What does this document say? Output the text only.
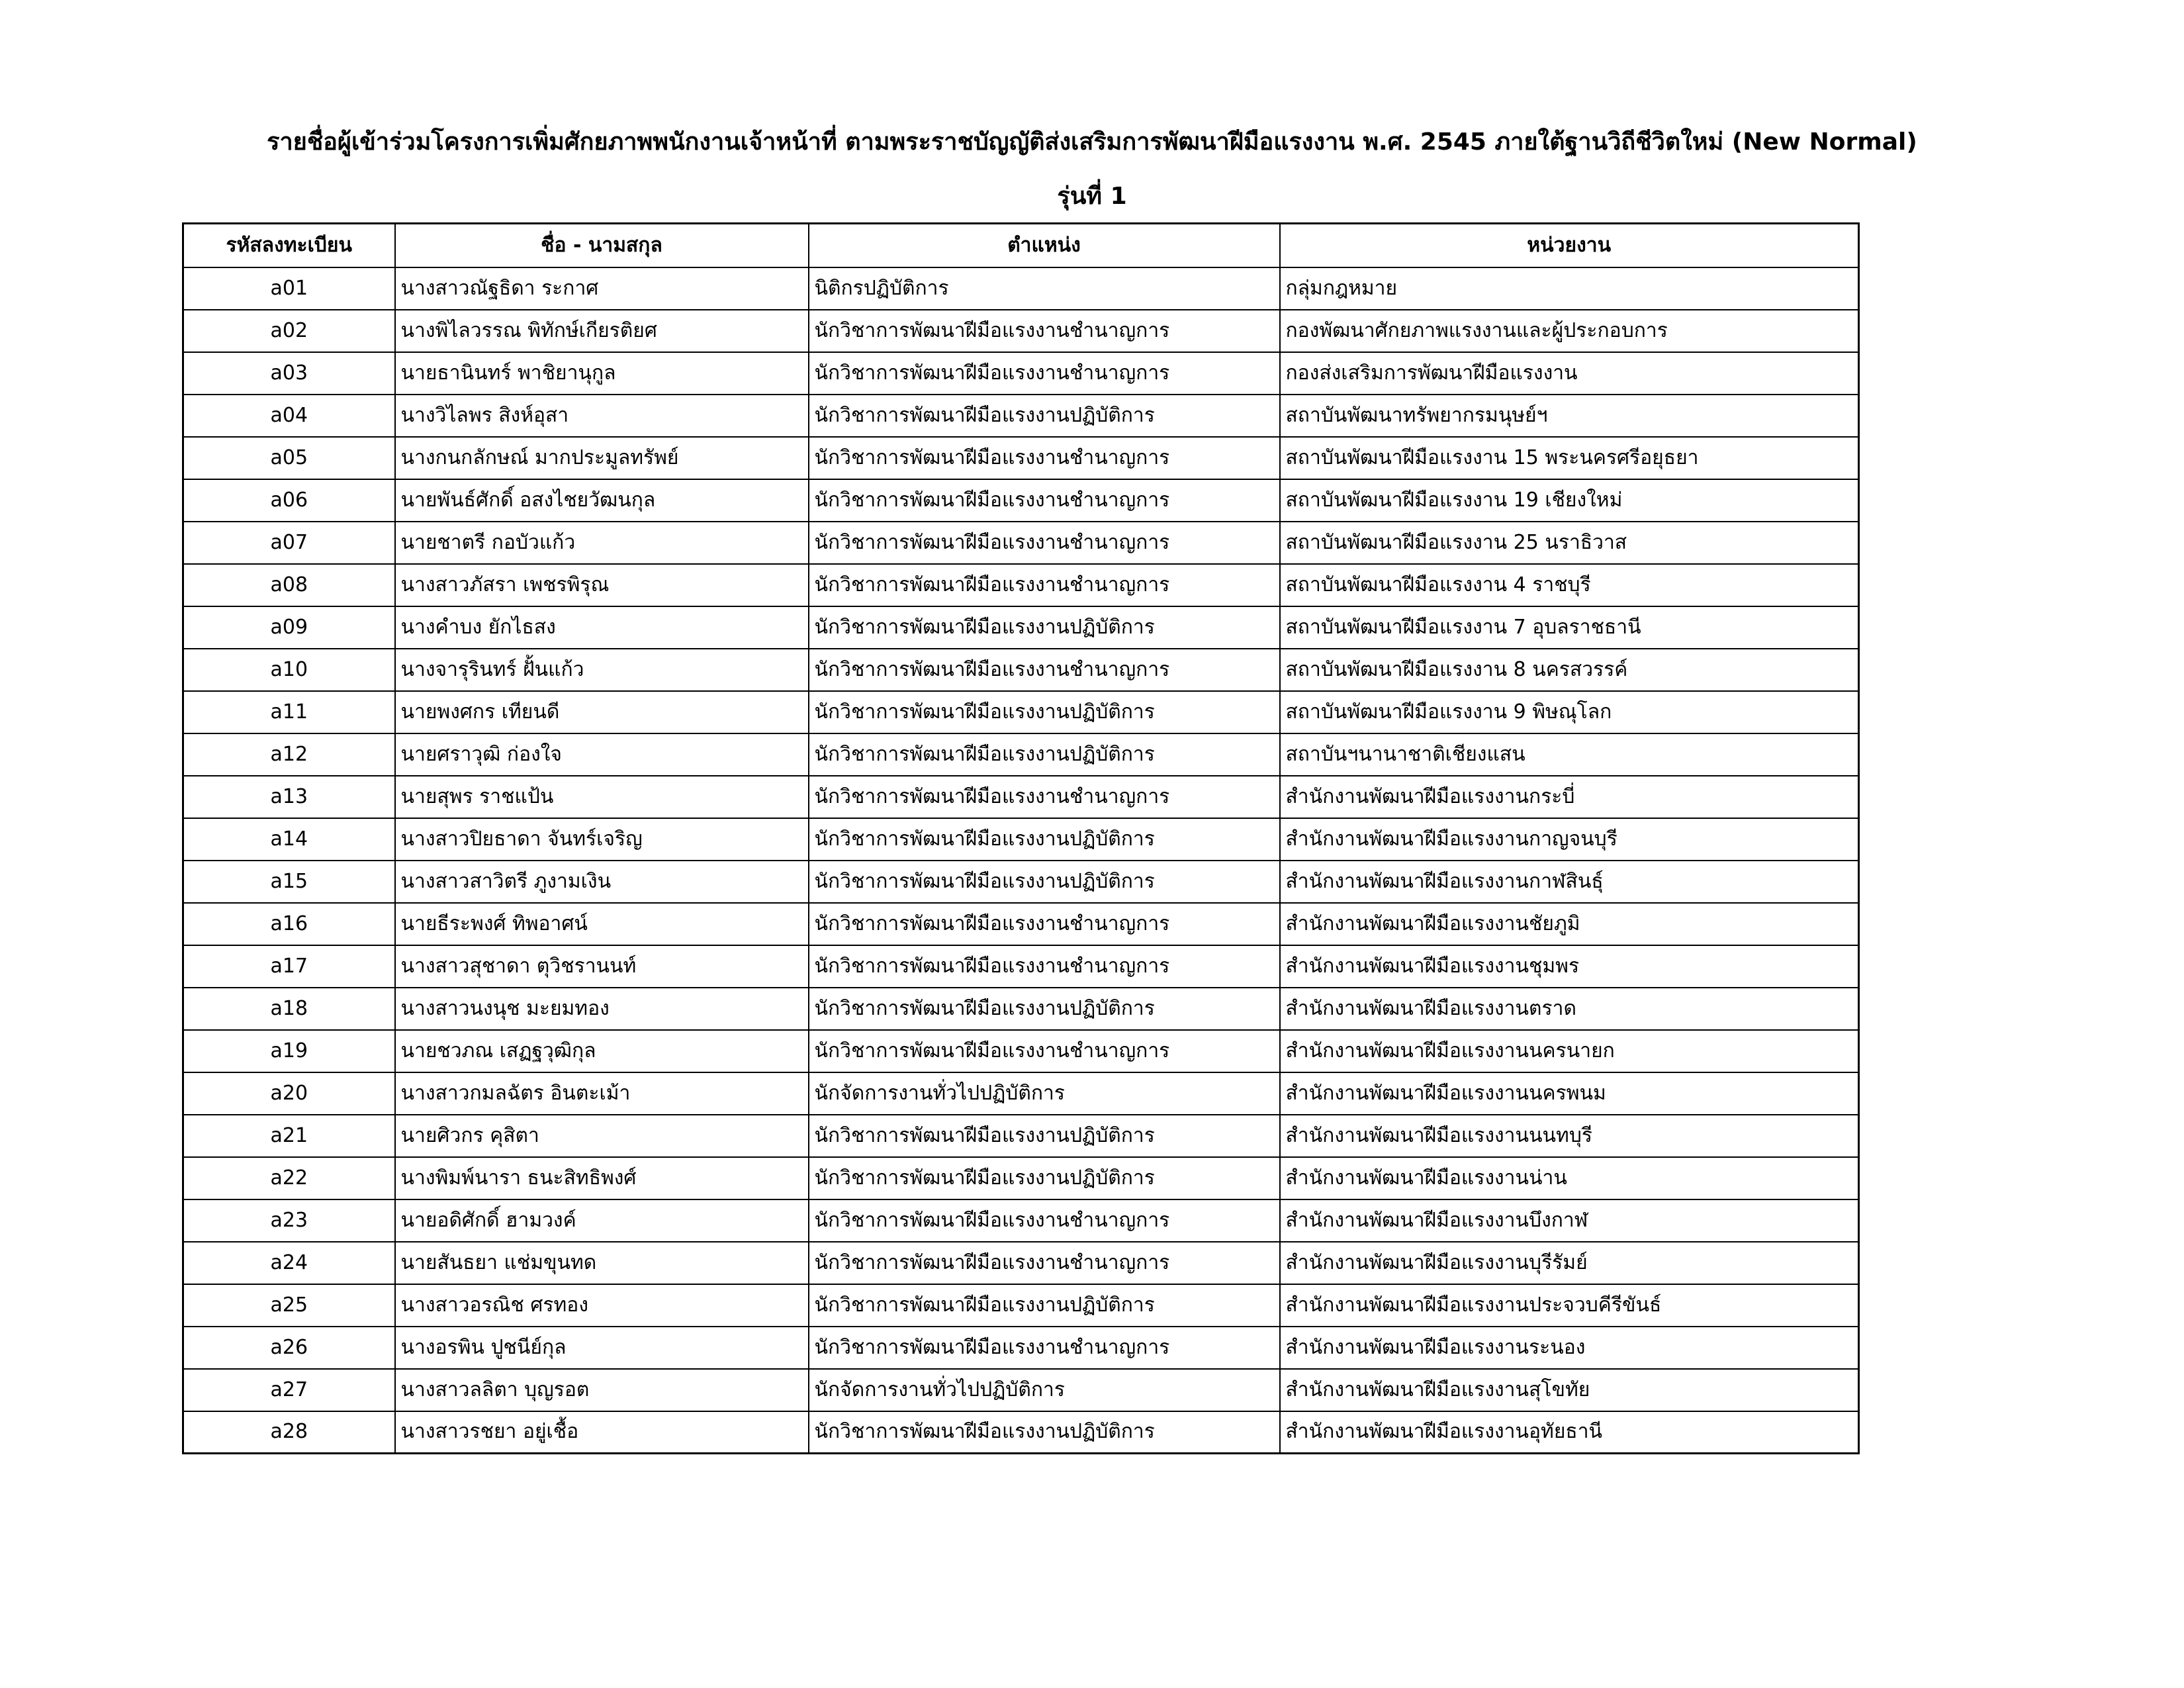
รายชื่อผู้เข้าร่วมโครงการเพิ่มศักยภาพพนักงานเจ้าหน้าที่ ตามพระราชบัญญัติส่งเสริมการพัฒนาฝีมือแรงงาน พ.ศ. 2545 ภายใต้ฐานวิถีชีวิตใหม่ (New Normal)
รุ่นที่ 1
รหัสลงทะเบียน	ชื่อ - นามสกุล	ตำแหน่ง	หน่วยงาน
a01	นางสาวณัฐธิดา ระกาศ	นิติกรปฏิบัติการ	กลุ่มกฎหมาย
a02	นางพิไลวรรณ พิทักษ์เกียรติยศ	นักวิชาการพัฒนาฝีมือแรงงานชำนาญการ	กองพัฒนาศักยภาพแรงงานและผู้ประกอบการ
a03	นายธานินทร์ พาชิยานุกูล	นักวิชาการพัฒนาฝีมือแรงงานชำนาญการ	กองส่งเสริมการพัฒนาฝีมือแรงงาน
a04	นางวิไลพร สิงห์อุสา	นักวิชาการพัฒนาฝีมือแรงงานปฏิบัติการ	สถาบันพัฒนาทรัพยากรมนุษย์ฯ
a05	นางกนกลักษณ์ มากประมูลทรัพย์	นักวิชาการพัฒนาฝีมือแรงงานชำนาญการ	สถาบันพัฒนาฝีมือแรงงาน 15 พระนครศรีอยุธยา
a06	นายพันธ์ศักดิ์ อสงไชยวัฒนกุล	นักวิชาการพัฒนาฝีมือแรงงานชำนาญการ	สถาบันพัฒนาฝีมือแรงงาน 19 เชียงใหม่
a07	นายชาตรี กอบัวแก้ว	นักวิชาการพัฒนาฝีมือแรงงานชำนาญการ	สถาบันพัฒนาฝีมือแรงงาน 25 นราธิวาส
a08	นางสาวภัสรา เพชรพิรุณ	นักวิชาการพัฒนาฝีมือแรงงานชำนาญการ	สถาบันพัฒนาฝีมือแรงงาน 4 ราชบุรี
a09	นางคำบง ยักไธสง	นักวิชาการพัฒนาฝีมือแรงงานปฏิบัติการ	สถาบันพัฒนาฝีมือแรงงาน 7 อุบลราชธานี
a10	นางจารุรินทร์ ฝั้นแก้ว	นักวิชาการพัฒนาฝีมือแรงงานชำนาญการ	สถาบันพัฒนาฝีมือแรงงาน 8 นครสวรรค์
a11	นายพงศกร เทียนดี	นักวิชาการพัฒนาฝีมือแรงงานปฏิบัติการ	สถาบันพัฒนาฝีมือแรงงาน 9 พิษณุโลก
a12	นายศราวุฒิ ก่องใจ	นักวิชาการพัฒนาฝีมือแรงงานปฏิบัติการ	สถาบันฯนานาชาติเชียงแสน
a13	นายสุพร ราชแป้น	นักวิชาการพัฒนาฝีมือแรงงานชำนาญการ	สำนักงานพัฒนาฝีมือแรงงานกระบี่
a14	นางสาวปิยธาดา จันทร์เจริญ	นักวิชาการพัฒนาฝีมือแรงงานปฏิบัติการ	สำนักงานพัฒนาฝีมือแรงงานกาญจนบุรี
a15	นางสาวสาวิตรี ภูงามเงิน	นักวิชาการพัฒนาฝีมือแรงงานปฏิบัติการ	สำนักงานพัฒนาฝีมือแรงงานกาฬสินธุ์
a16	นายธีระพงศ์ ทิพอาศน์	นักวิชาการพัฒนาฝีมือแรงงานชำนาญการ	สำนักงานพัฒนาฝีมือแรงงานชัยภูมิ
a17	นางสาวสุชาดา ตุวิชรานนท์	นักวิชาการพัฒนาฝีมือแรงงานชำนาญการ	สำนักงานพัฒนาฝีมือแรงงานชุมพร
a18	นางสาวนงนุช มะยมทอง	นักวิชาการพัฒนาฝีมือแรงงานปฏิบัติการ	สำนักงานพัฒนาฝีมือแรงงานตราด
a19	นายชวภณ เสฏฐวุฒิกุล	นักวิชาการพัฒนาฝีมือแรงงานชำนาญการ	สำนักงานพัฒนาฝีมือแรงงานนครนายก
a20	นางสาวกมลฉัตร อินตะเม้า	นักจัดการงานทั่วไปปฏิบัติการ	สำนักงานพัฒนาฝีมือแรงงานนครพนม
a21	นายศิวกร คุสิตา	นักวิชาการพัฒนาฝีมือแรงงานปฏิบัติการ	สำนักงานพัฒนาฝีมือแรงงานนนทบุรี
a22	นางพิมพ์นารา ธนะสิทธิพงศ์	นักวิชาการพัฒนาฝีมือแรงงานปฏิบัติการ	สำนักงานพัฒนาฝีมือแรงงานน่าน
a23	นายอดิศักดิ์ ฮามวงค์	นักวิชาการพัฒนาฝีมือแรงงานชำนาญการ	สำนักงานพัฒนาฝีมือแรงงานบึงกาฬ
a24	นายสันธยา แช่มขุนทด	นักวิชาการพัฒนาฝีมือแรงงานชำนาญการ	สำนักงานพัฒนาฝีมือแรงงานบุรีรัมย์
a25	นางสาวอรณิช ศรทอง	นักวิชาการพัฒนาฝีมือแรงงานปฏิบัติการ	สำนักงานพัฒนาฝีมือแรงงานประจวบคีรีขันธ์
a26	นางอรพิน ปูชนีย์กุล	นักวิชาการพัฒนาฝีมือแรงงานชำนาญการ	สำนักงานพัฒนาฝีมือแรงงานระนอง
a27	นางสาวลลิตา บุญรอต	นักจัดการงานทั่วไปปฏิบัติการ	สำนักงานพัฒนาฝีมือแรงงานสุโขทัย
a28	นางสาวรชยา อยู่เชื้อ	นักวิชาการพัฒนาฝีมือแรงงานปฏิบัติการ	สำนักงานพัฒนาฝีมือแรงงานอุทัยธานี
